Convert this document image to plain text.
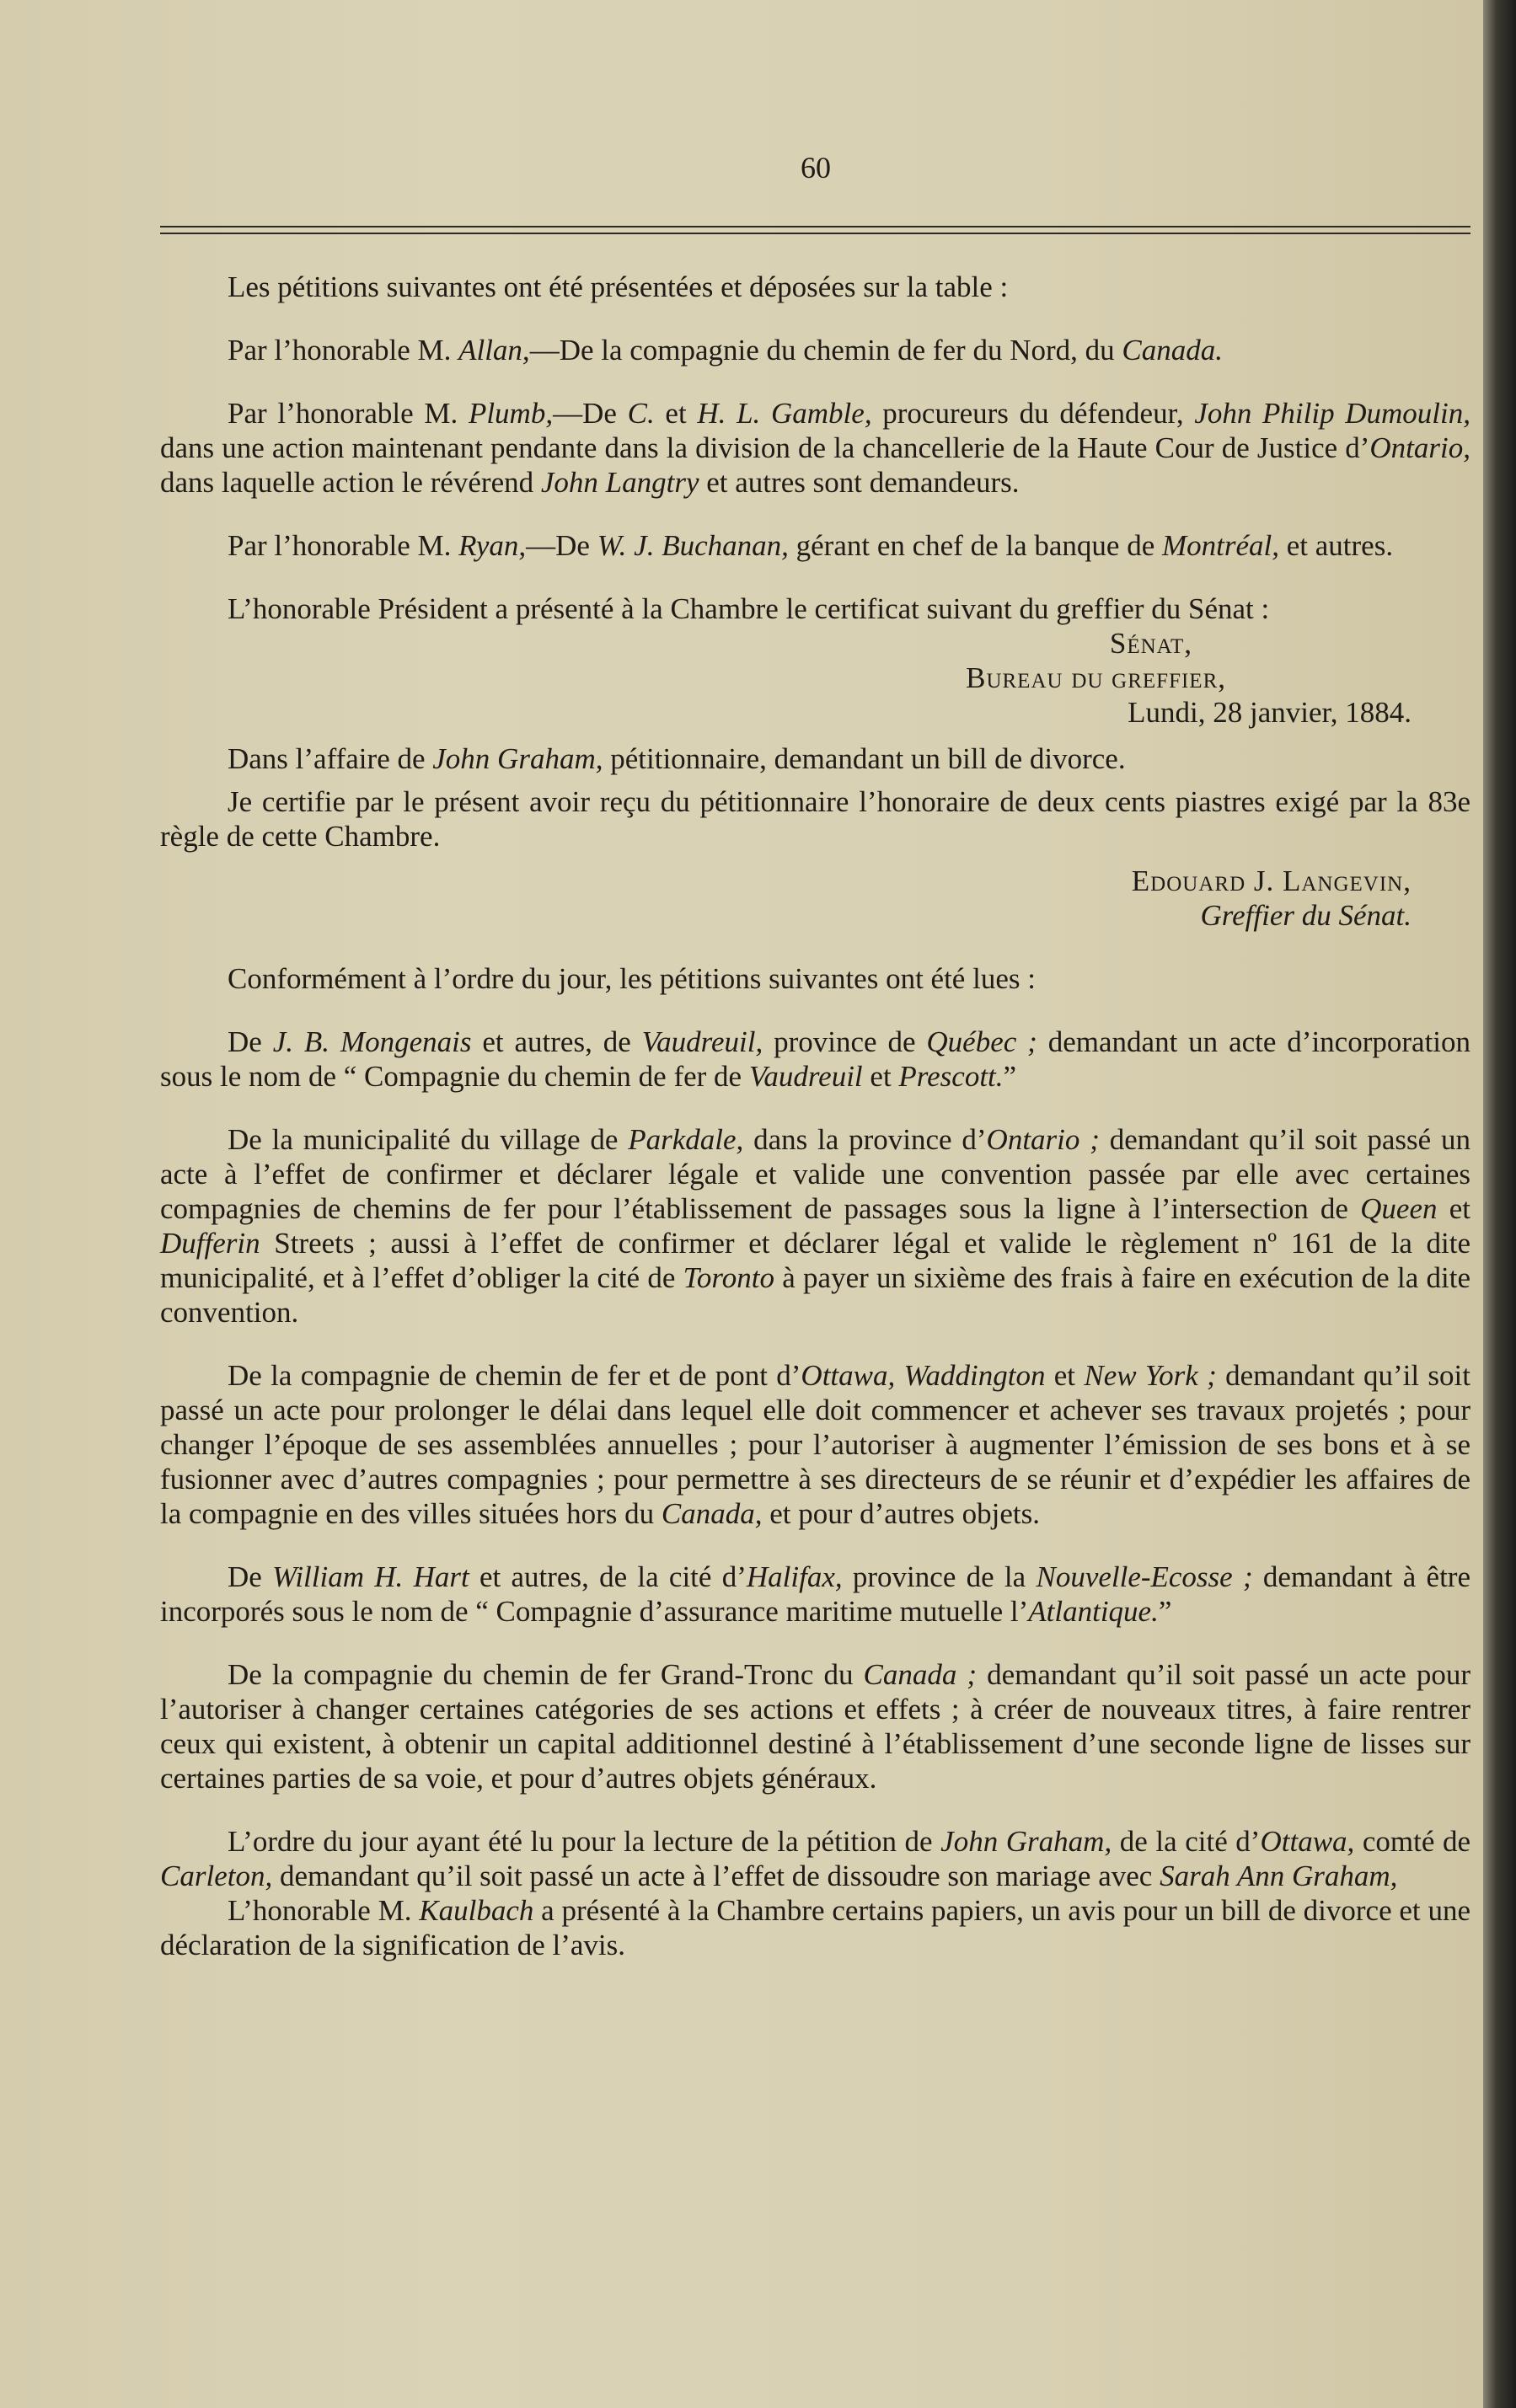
60

Les pétitions suivantes ont été présentées et déposées sur la table :

Par l’honorable M. Allan,—De la compagnie du chemin de fer du Nord, du Canada.

Par l’honorable M. Plumb,—De C. et H. L. Gamble, procureurs du défendeur, John Philip Dumoulin, dans une action maintenant pendante dans la division de la chancellerie de la Haute Cour de Justice d’Ontario, dans laquelle action le révérend John Langtry et autres sont demandeurs.

Par l’honorable M. Ryan,—De W. J. Buchanan, gérant en chef de la banque de Montréal, et autres.

L’honorable Président a présenté à la Chambre le certificat suivant du greffier du Sénat :

Sénat,
Bureau du greffier,
Lundi, 28 janvier, 1884.

Dans l’affaire de John Graham, pétitionnaire, demandant un bill de divorce.

Je certifie par le présent avoir reçu du pétitionnaire l’honoraire de deux cents piastres exigé par la 83e règle de cette Chambre.

Edouard J. Langevin,
Greffier du Sénat.

Conformément à l’ordre du jour, les pétitions suivantes ont été lues :

De J. B. Mongenais et autres, de Vaudreuil, province de Québec ; demandant un acte d’incorporation sous le nom de “ Compagnie du chemin de fer de Vaudreuil et Prescott.”

De la municipalité du village de Parkdale, dans la province d’Ontario ; demandant qu’il soit passé un acte à l’effet de confirmer et déclarer légale et valide une convention passée par elle avec certaines compagnies de chemins de fer pour l’établissement de passages sous la ligne à l’intersection de Queen et Dufferin Streets ; aussi à l’effet de confirmer et déclarer légal et valide le règlement nº 161 de la dite municipalité, et à l’effet d’obliger la cité de Toronto à payer un sixième des frais à faire en exécution de la dite convention.

De la compagnie de chemin de fer et de pont d’Ottawa, Waddington et New York ; demandant qu’il soit passé un acte pour prolonger le délai dans lequel elle doit commencer et achever ses travaux projetés ; pour changer l’époque de ses assemblées annuelles ; pour l’autoriser à augmenter l’émission de ses bons et à se fusionner avec d’autres compagnies ; pour permettre à ses directeurs de se réunir et d’expédier les affaires de la compagnie en des villes situées hors du Canada, et pour d’autres objets.

De William H. Hart et autres, de la cité d’Halifax, province de la Nouvelle-Ecosse ; demandant à être incorporés sous le nom de “ Compagnie d’assurance maritime mutuelle l’Atlantique.”

De la compagnie du chemin de fer Grand-Tronc du Canada ; demandant qu’il soit passé un acte pour l’autoriser à changer certaines catégories de ses actions et effets ; à créer de nouveaux titres, à faire rentrer ceux qui existent, à obtenir un capital additionnel destiné à l’établissement d’une seconde ligne de lisses sur certaines parties de sa voie, et pour d’autres objets généraux.

L’ordre du jour ayant été lu pour la lecture de la pétition de John Graham, de la cité d’Ottawa, comté de Carleton, demandant qu’il soit passé un acte à l’effet de dissoudre son mariage avec Sarah Ann Graham,

L’honorable M. Kaulbach a présenté à la Chambre certains papiers, un avis pour un bill de divorce et une déclaration de la signification de l’avis.
